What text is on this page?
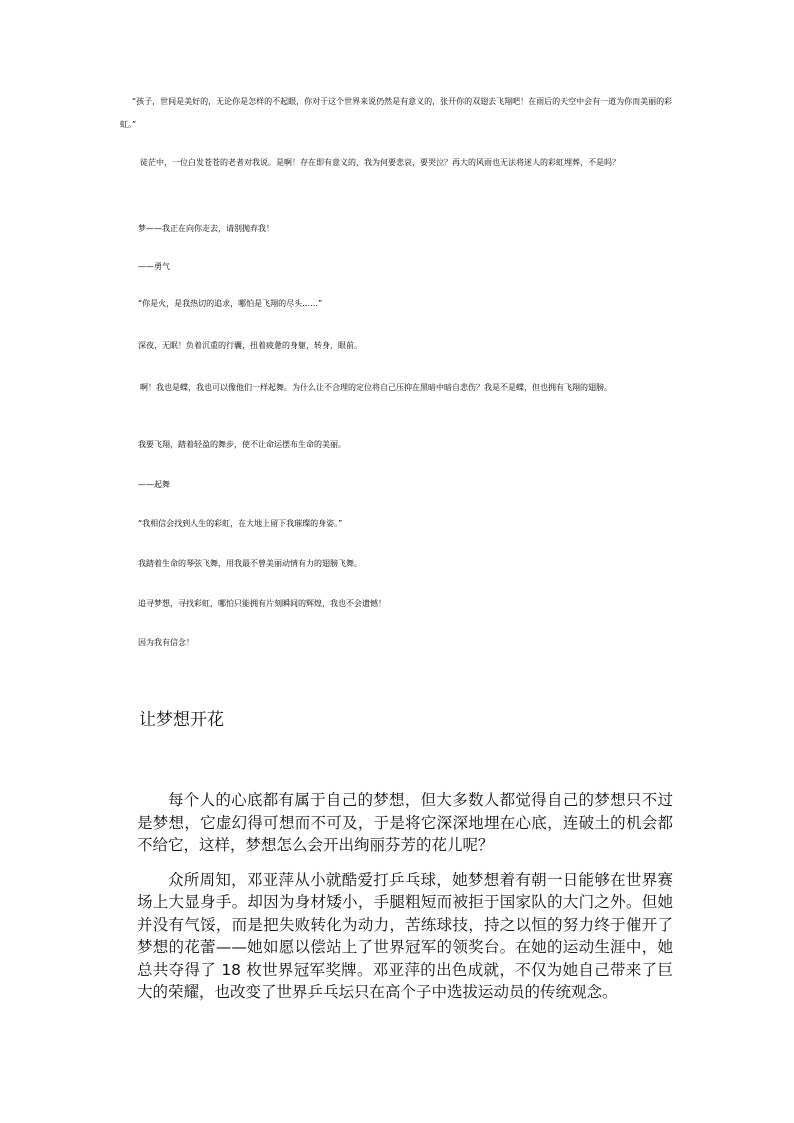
“孩子，世间是美好的，无论你是怎样的不起眼，你对于这个世界来说仍然是有意义的，张开你的双翅去飞翔吧！在雨后的天空中会有一道为你而美丽的彩虹。”

徒茫中，一位白发苍苍的老者对我说。是啊！存在即有意义的，我为何要悲哀，要哭泣？再大的风雨也无法将迷人的彩虹埋葬，不是吗？

梦——我正在向你走去，请别抛弃我！

——勇气

“你是火，是我热切的追求，哪怕是飞翔的尽头……”

深夜，无眠！负着沉重的行囊，扭着疲惫的身躯，转身，眼前。

啊！我也是蝶，我也可以像他们一样起舞。为什么让不合理的定位将自己压抑在黑暗中暗自悲伤？我是不是蝶，但也拥有飞翔的翅膀。

我要飞翔，踏着轻盈的舞步，使不让命运摆布生命的美丽。

——起舞

“我相信会找到人生的彩虹，在大地上留下我璀璨的身姿。”

我踏着生命的琴弦飞舞，用我最不曾美丽动情有力的翅膀飞舞。

追寻梦想，寻找彩虹，哪怕只能拥有片刻瞬间的辉煌，我也不会遗憾！

因为我有信念！

让梦想开花

每个人的心底都有属于自己的梦想，但大多数人都觉得自己的梦想只不过是梦想，它虚幻得可想而不可及，于是将它深深地埋在心底，连破土的机会都不给它，这样，梦想怎么会开出绚丽芬芳的花儿呢？

众所周知，邓亚萍从小就酷爱打乒乓球，她梦想着有朝一日能够在世界赛场上大显身手。却因为身材矮小，手腿粗短而被拒于国家队的大门之外。但她并没有气馁，而是把失败转化为动力，苦练球技，持之以恒的努力终于催开了梦想的花蕾——她如愿以偿站上了世界冠军的领奖台。在她的运动生涯中，她总共夺得了 18 枚世界冠军奖牌。邓亚萍的出色成就，不仅为她自己带来了巨大的荣耀，也改变了世界乒乓坛只在高个子中选拔运动员的传统观念。
